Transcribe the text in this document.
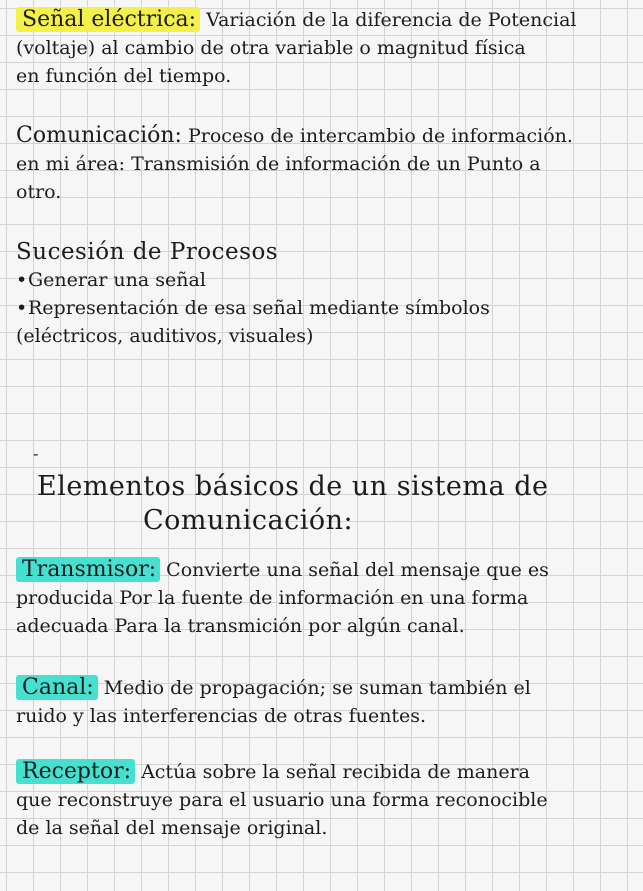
Señal eléctrica: Variación de la diferencia de Potencial

(voltaje) al cambio de otra variable o magnitud física

en función del tiempo.

Comunicación: Proceso de intercambio de información.

en mi área: Transmisión de información de un Punto a

otro.

Sucesión de Procesos

•Generar una señal

•Representación de esa señal mediante símbolos

(eléctricos, auditivos, visuales)

-
Elementos básicos de un sistema de
Comunicación:

Transmisor: Convierte una señal del mensaje que es

producida Por la fuente de información en una forma

adecuada Para la transmición por algún canal.

Canal: Medio de propagación; se suman también el

ruido y las interferencias de otras fuentes.

Receptor: Actúa sobre la señal recibida de manera

que reconstruye para el usuario una forma reconocible

de la señal del mensaje original.
